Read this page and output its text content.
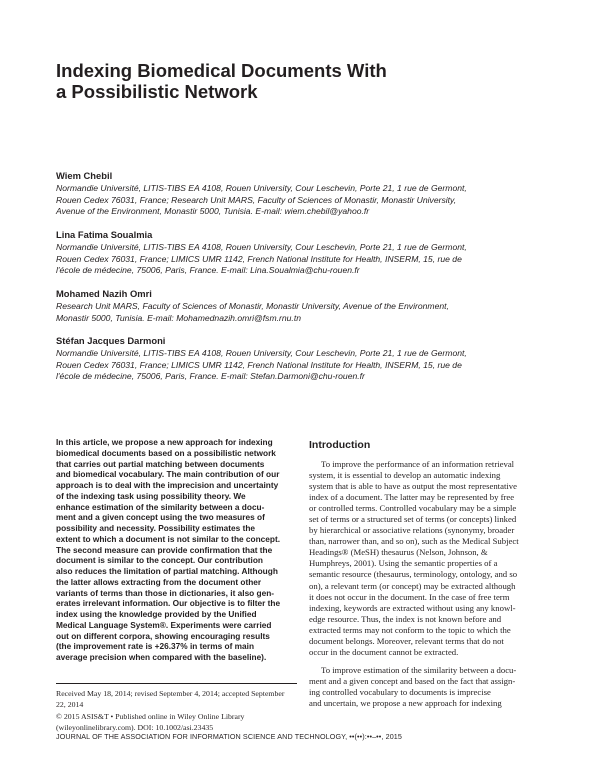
Indexing Biomedical Documents With
a Possibilistic Network

Wiem Chebil

Normandie Université, LITIS-TIBS EA 4108, Rouen University, Cour Leschevin, Porte 21, 1 rue de Germont,
Rouen Cedex 76031, France; Research Unit MARS, Faculty of Sciences of Monastir, Monastir University,
Avenue of the Environment, Monastir 5000, Tunisia. E-mail: wiem.chebil@yahoo.fr

Lina Fatima Soualmia

Normandie Université, LITIS-TIBS EA 4108, Rouen University, Cour Leschevin, Porte 21, 1 rue de Germont,
Rouen Cedex 76031, France; LIMICS UMR 1142, French National Institute for Health, INSERM, 15, rue de
l'école de médecine, 75006, Paris, France. E-mail: Lina.Soualmia@chu-rouen.fr

Mohamed Nazih Omri

Research Unit MARS, Faculty of Sciences of Monastir, Monastir University, Avenue of the Environment,
Monastir 5000, Tunisia. E-mail: Mohamednazih.omri@fsm.rnu.tn

Stéfan Jacques Darmoni

Normandie Université, LITIS-TIBS EA 4108, Rouen University, Cour Leschevin, Porte 21, 1 rue de Germont,
Rouen Cedex 76031, France; LIMICS UMR 1142, French National Institute for Health, INSERM, 15, rue de
l'école de médecine, 75006, Paris, France. E-mail: Stefan.Darmoni@chu-rouen.fr

In this article, we propose a new approach for indexing
biomedical documents based on a possibilistic network
that carries out partial matching between documents
and biomedical vocabulary. The main contribution of our
approach is to deal with the imprecision and uncertainty
of the indexing task using possibility theory. We
enhance estimation of the similarity between a docu-
ment and a given concept using the two measures of
possibility and necessity. Possibility estimates the
extent to which a document is not similar to the concept.
The second measure can provide confirmation that the
document is similar to the concept. Our contribution
also reduces the limitation of partial matching. Although
the latter allows extracting from the document other
variants of terms than those in dictionaries, it also gen-
erates irrelevant information. Our objective is to filter the
index using the knowledge provided by the Unified
Medical Language System®. Experiments were carried
out on different corpora, showing encouraging results
(the improvement rate is +26.37% in terms of main
average precision when compared with the baseline).

Received May 18, 2014; revised September 4, 2014; accepted September
22, 2014

© 2015 ASIS&T • Published online in Wiley Online Library
(wileyonlinelibrary.com). DOI: 10.1002/asi.23435

Introduction

To improve the performance of an information retrieval
system, it is essential to develop an automatic indexing
system that is able to have as output the most representative
index of a document. The latter may be represented by free
or controlled terms. Controlled vocabulary may be a simple
set of terms or a structured set of terms (or concepts) linked
by hierarchical or associative relations (synonymy, broader
than, narrower than, and so on), such as the Medical Subject
Headings® (MeSH) thesaurus (Nelson, Johnson, &
Humphreys, 2001). Using the semantic properties of a
semantic resource (thesaurus, terminology, ontology, and so
on), a relevant term (or concept) may be extracted although
it does not occur in the document. In the case of free term
indexing, keywords are extracted without using any knowl-
edge resource. Thus, the index is not known before and
extracted terms may not conform to the topic to which the
document belongs. Moreover, relevant terms that do not
occur in the document cannot be extracted.

To improve estimation of the similarity between a docu-
ment and a given concept and based on the fact that assign-
ing controlled vocabulary to documents is imprecise
and uncertain, we propose a new approach for indexing

JOURNAL OF THE ASSOCIATION FOR INFORMATION SCIENCE AND TECHNOLOGY, ••(••):••–••, 2015
